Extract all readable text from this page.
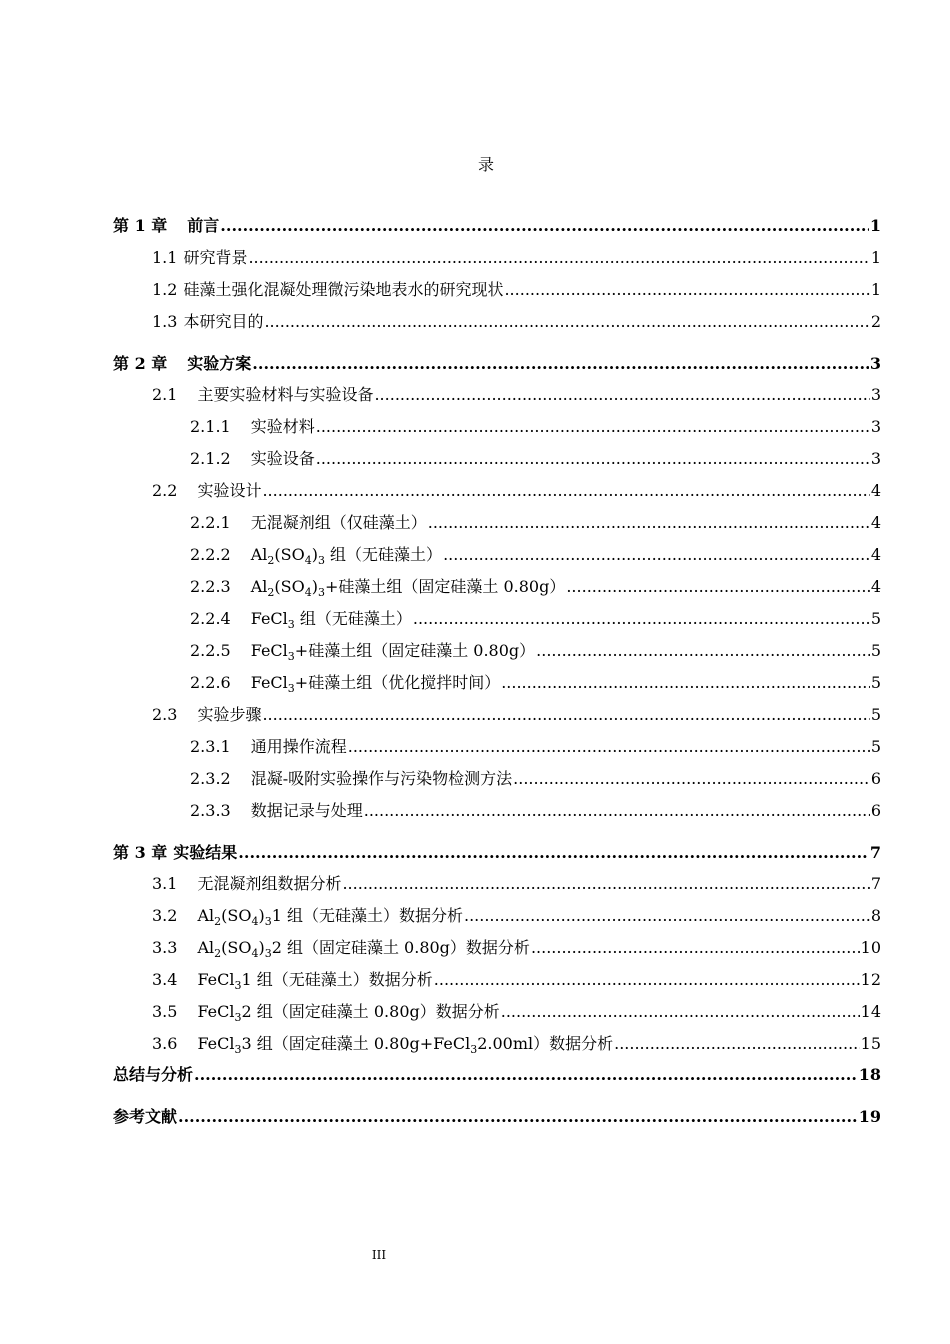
录
第 1 章 前言 .....	1
1.1 研究背景 .....	1
1.2 硅藻土强化混凝处理微污染地表水的研究现状 .....	1
1.3 本研究目的 .....	2
第 2 章 实验方案 .....	3
2.1 主要实验材料与实验设备 .....	3
2.1.1 实验材料 .....	3
2.1.2 实验设备 .....	3
2.2 实验设计 .....	4
2.2.1 无混凝剂组（仅硅藻土） .....	4
2.2.2 $Al_2(SO_4)_3$ 组（无硅藻土） .....	4
2.2.3 $Al_2(SO_4)_3+$硅藻土组（固定硅藻土 0.80g） .....	4
2.2.4 FeCl$_3$ 组（无硅藻土） .....	5
2.2.5 FeCl$_3$+硅藻土组（固定硅藻土 0.80g） .....	5
2.2.6 FeCl$_3$+硅藻土组（优化搅拌时间） .....	5
2.3 实验步骤 .....	5
2.3.1 通用操作流程 .....	5
2.3.2 混凝-吸附实验操作与污染物检测方法 .....	6
2.3.3 数据记录与处理 .....	6
第 3 章 实验结果 .....	7
3.1 无混凝剂组数据分析 .....	7
3.2 $Al_2(SO_4)_31$ 组（无硅藻土）数据分析 .....	8
3.3 $Al_2(SO_4)_32$ 组（固定硅藻土 0.80g）数据分析 .....	10
3.4 FeCl$_3$1 组（无硅藻土）数据分析 .....	12
3.5 FeCl$_3$2 组（固定硅藻土 0.80g）数据分析 .....	14
3.6 FeCl$_3$3 组（固定硅藻土 0.80g+FeCl$_3$2.00ml）数据分析 .....	15
总结与分析 .....	18
参考文献 .....	19
III
